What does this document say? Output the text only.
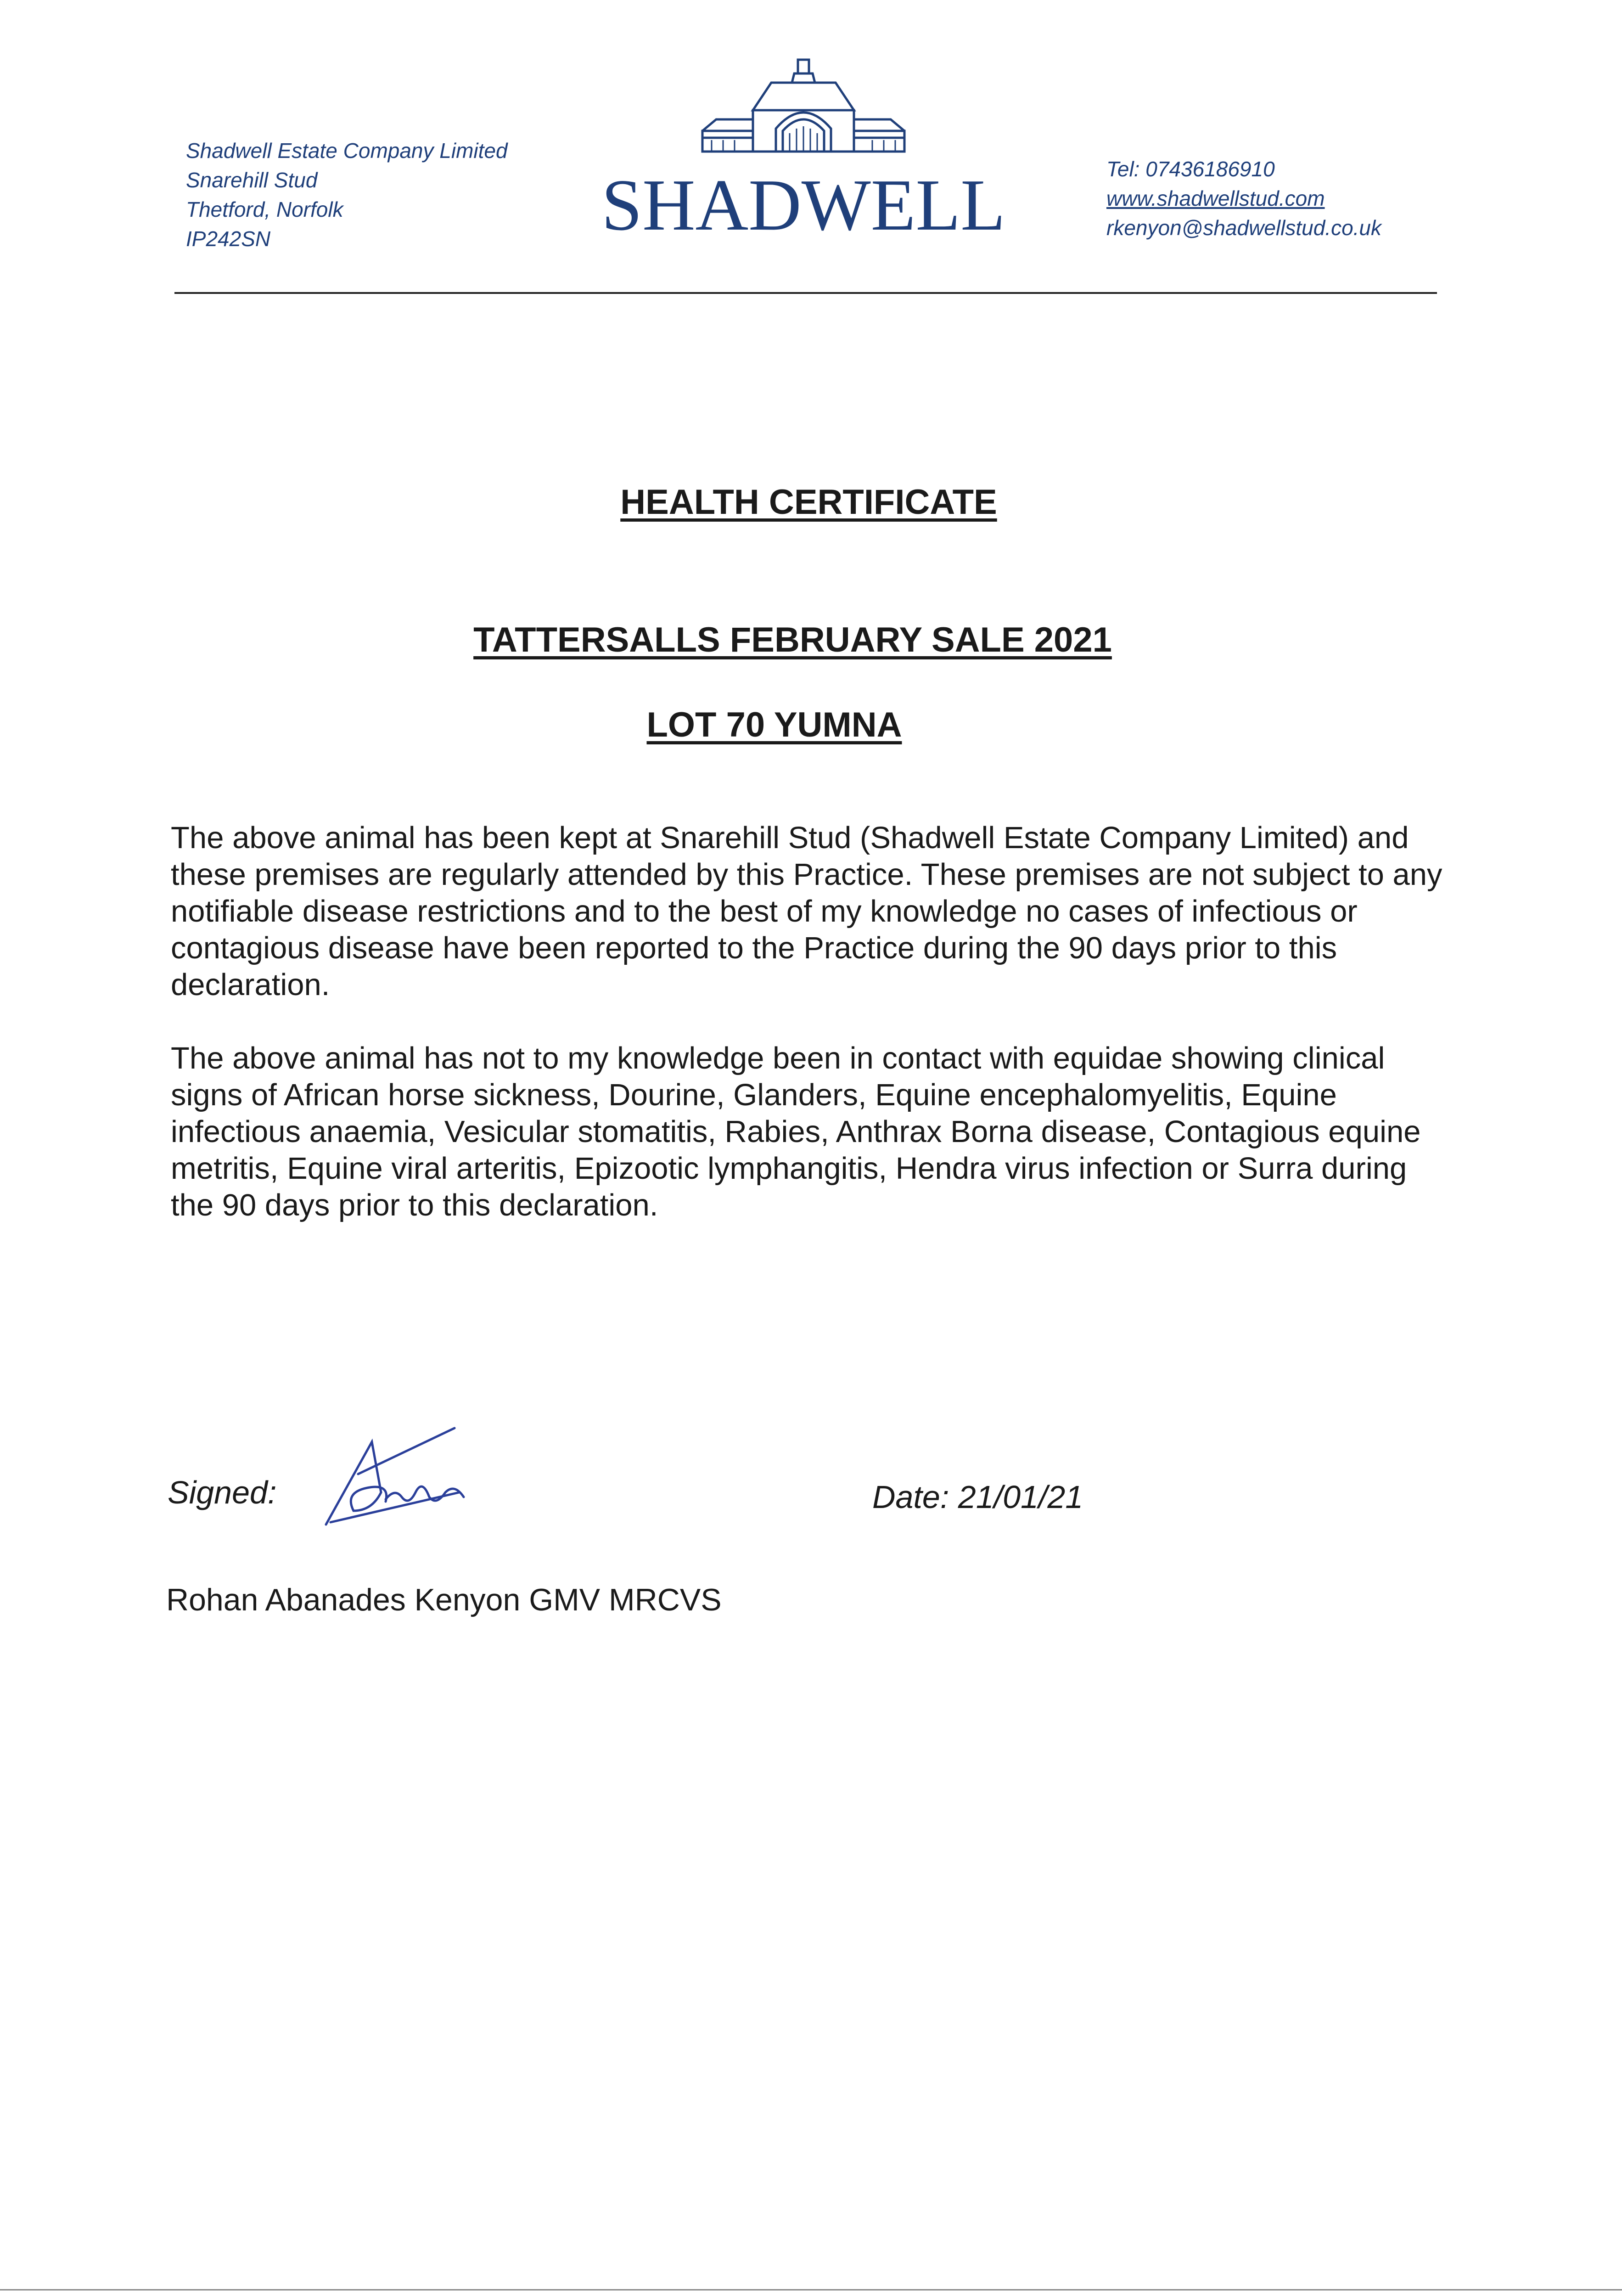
Shadwell Estate Company Limited
Snarehill Stud
Thetford, Norfolk
IP242SN	SHADWELL	Tel: 07436186910
www.shadwellstud.com
rkenyon@shadwellstud.co.uk
HEALTH CERTIFICATE
TATTERSALLS FEBRUARY SALE 2021
LOT 70 YUMNA
The above animal has been kept at Snarehill Stud (Shadwell Estate Company Limited) and these premises are regularly attended by this Practice. These premises are not subject to any notifiable disease restrictions and to the best of my knowledge no cases of infectious or contagious disease have been reported to the Practice during the 90 days prior to this declaration.
The above animal has not to my knowledge been in contact with equidae showing clinical signs of African horse sickness, Dourine, Glanders, Equine encephalomyelitis, Equine infectious anaemia, Vesicular stomatitis, Rabies, Anthrax Borna disease, Contagious equine metritis, Equine viral arteritis, Epizootic lymphangitis, Hendra virus infection or Surra during the 90 days prior to this declaration.
Signed:	Date: 21/01/21
Rohan Abanades Kenyon GMV MRCVS
